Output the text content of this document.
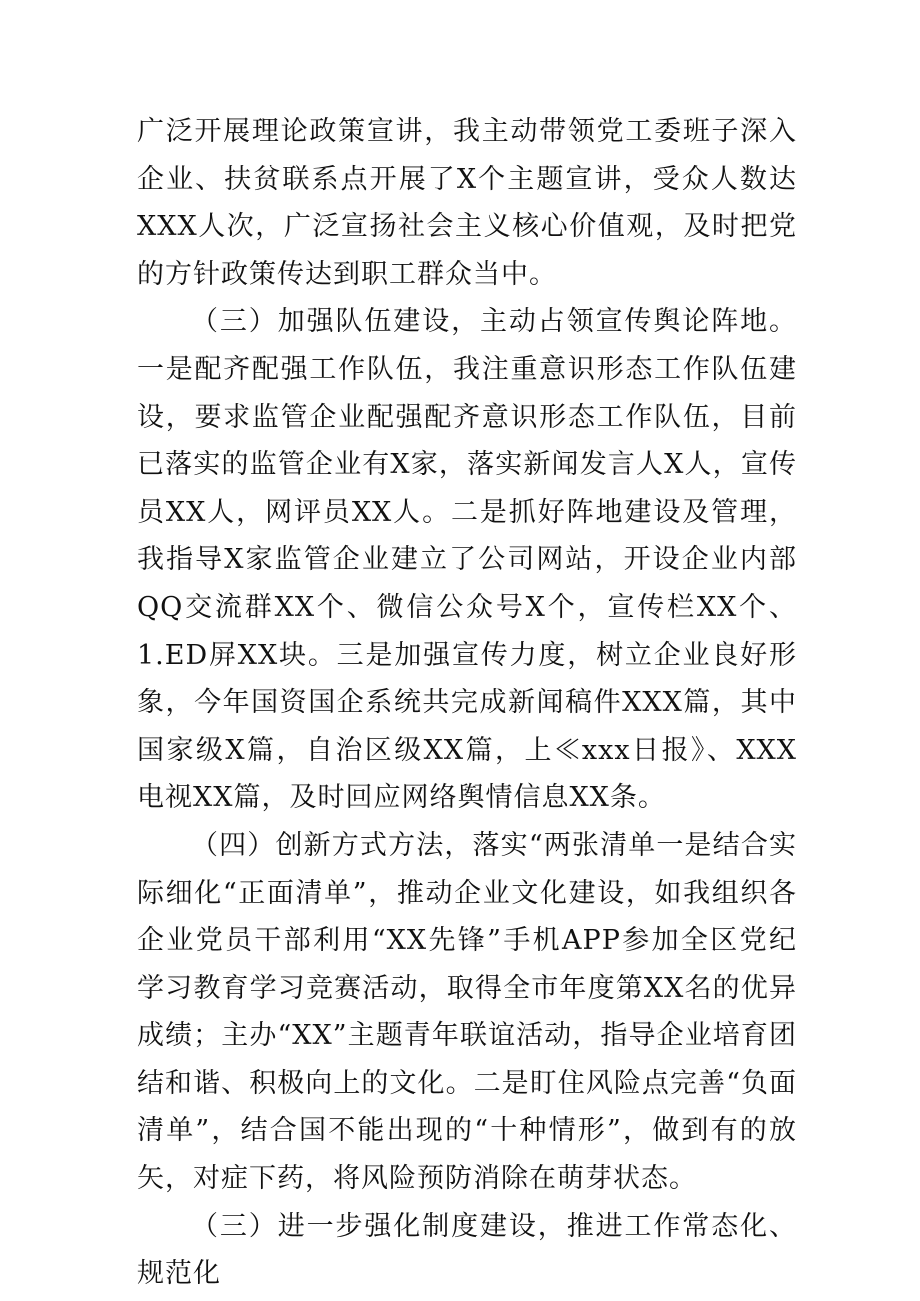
广泛开展理论政策宣讲，我主动带领党工委班子深入企业、扶贫联系点开展了X个主题宣讲，受众人数达XXX人次，广泛宣扬社会主义核心价值观，及时把党的方针政策传达到职工群众当中。

（三）加强队伍建设，主动占领宣传舆论阵地。一是配齐配强工作队伍，我注重意识形态工作队伍建设，要求监管企业配强配齐意识形态工作队伍，目前已落实的监管企业有X家，落实新闻发言人X人，宣传员XX人，网评员XX人。二是抓好阵地建设及管理，我指导X家监管企业建立了公司网站，开设企业内部QQ交流群XX个、微信公众号X个，宣传栏XX个、1.ED屏XX块。三是加强宣传力度，树立企业良好形象，今年国资国企系统共完成新闻稿件XXX篇，其中国家级X篇，自治区级XX篇，上≪xxx日报》、XXX电视XX篇，及时回应网络舆情信息XX条。

（四）创新方式方法，落实“两张清单一是结合实际细化“正面清单”，推动企业文化建设，如我组织各企业党员干部利用“XX先锋”手机APP参加全区党纪学习教育学习竞赛活动，取得全市年度第XX名的优异成绩；主办“XX”主题青年联谊活动，指导企业培育团结和谐、积极向上的文化。二是盯住风险点完善“负面清单”，结合国不能出现的“十种情形”，做到有的放矢，对症下药，将风险预防消除在萌芽状态。

（三）进一步强化制度建设，推进工作常态化、规范化
